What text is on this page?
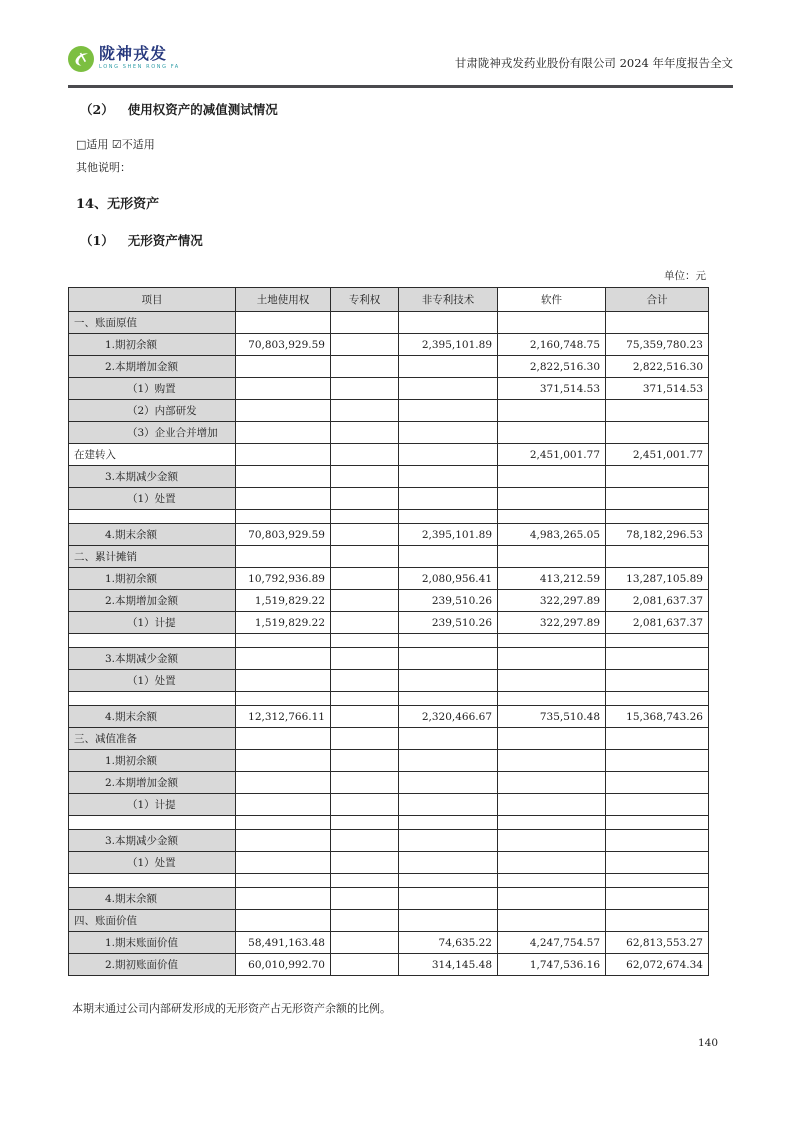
陇神戎发
LONG SHEN RONG FA	甘肃陇神戎发药业股份有限公司 2024 年年度报告全文
（2） 使用权资产的减值测试情况
□适用 ☑不适用
其他说明：
14、无形资产
（1） 无形资产情况
单位：元
项目	土地使用权	专利权	非专利技术	软件	合计
一、账面原值					
1.期初余额	70,803,929.59		2,395,101.89	2,160,748.75	75,359,780.23
2.本期增加金额				2,822,516.30	2,822,516.30
（1）购置				371,514.53	371,514.53
（2）内部研发					
（3）企业合并增加					
在建转入				2,451,001.77	2,451,001.77
3.本期减少金额					
（1）处置					

4.期末余额	70,803,929.59		2,395,101.89	4,983,265.05	78,182,296.53
二、累计摊销					
1.期初余额	10,792,936.89		2,080,956.41	413,212.59	13,287,105.89
2.本期增加金额	1,519,829.22		239,510.26	322,297.89	2,081,637.37
（1）计提	1,519,829.22		239,510.26	322,297.89	2,081,637.37

3.本期减少金额					
（1）处置					

4.期末余额	12,312,766.11		2,320,466.67	735,510.48	15,368,743.26
三、减值准备					
1.期初余额					
2.本期增加金额					
（1）计提					

3.本期减少金额					
（1）处置					

4.期末余额					
四、账面价值					
1.期末账面价值	58,491,163.48		74,635.22	4,247,754.57	62,813,553.27
2.期初账面价值	60,010,992.70		314,145.48	1,747,536.16	62,072,674.34
本期末通过公司内部研发形成的无形资产占无形资产余额的比例。
140
